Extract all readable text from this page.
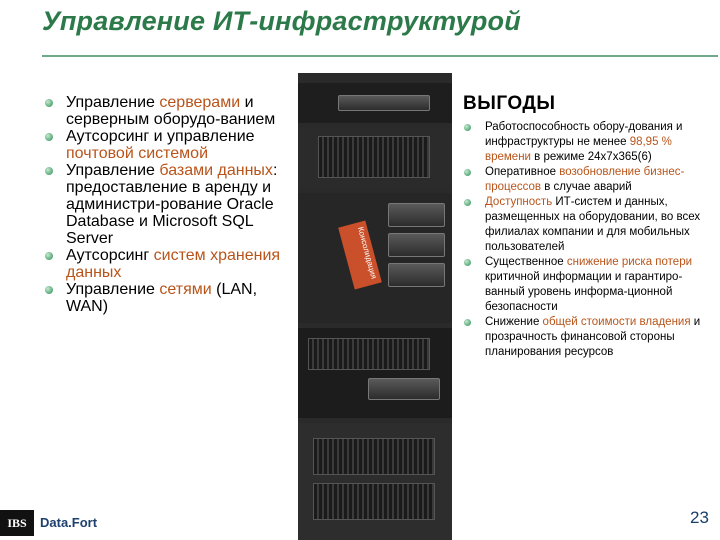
Управление ИТ-инфраструктурой
Управление серверами и серверным оборудо-ванием
Аутсорсинг и управление почтовой системой
Управление базами данных: предоставление в аренду и администри-рование Oracle Database и Microsoft SQL Server
Аутсорсинг систем хранения данных
Управление сетями (LAN, WAN)
Консолидация
ВЫГОДЫ
Работоспособность обору-дования и инфраструктуры не менее 98,95 % времени в режиме 24х7х365(6)
Оперативное возобновление бизнес-процессов в случае аварий
Доступность ИТ-систем и данных, размещенных на оборудовании, во всех филиалах компании и для мобильных пользователей
Существенное снижение риска потери критичной информации и гарантиро-ванный уровень информа-ционной безопасности
Снижение общей стоимости владения и прозрачность финансовой стороны планирования ресурсов
IBS	Data.Fort	23
